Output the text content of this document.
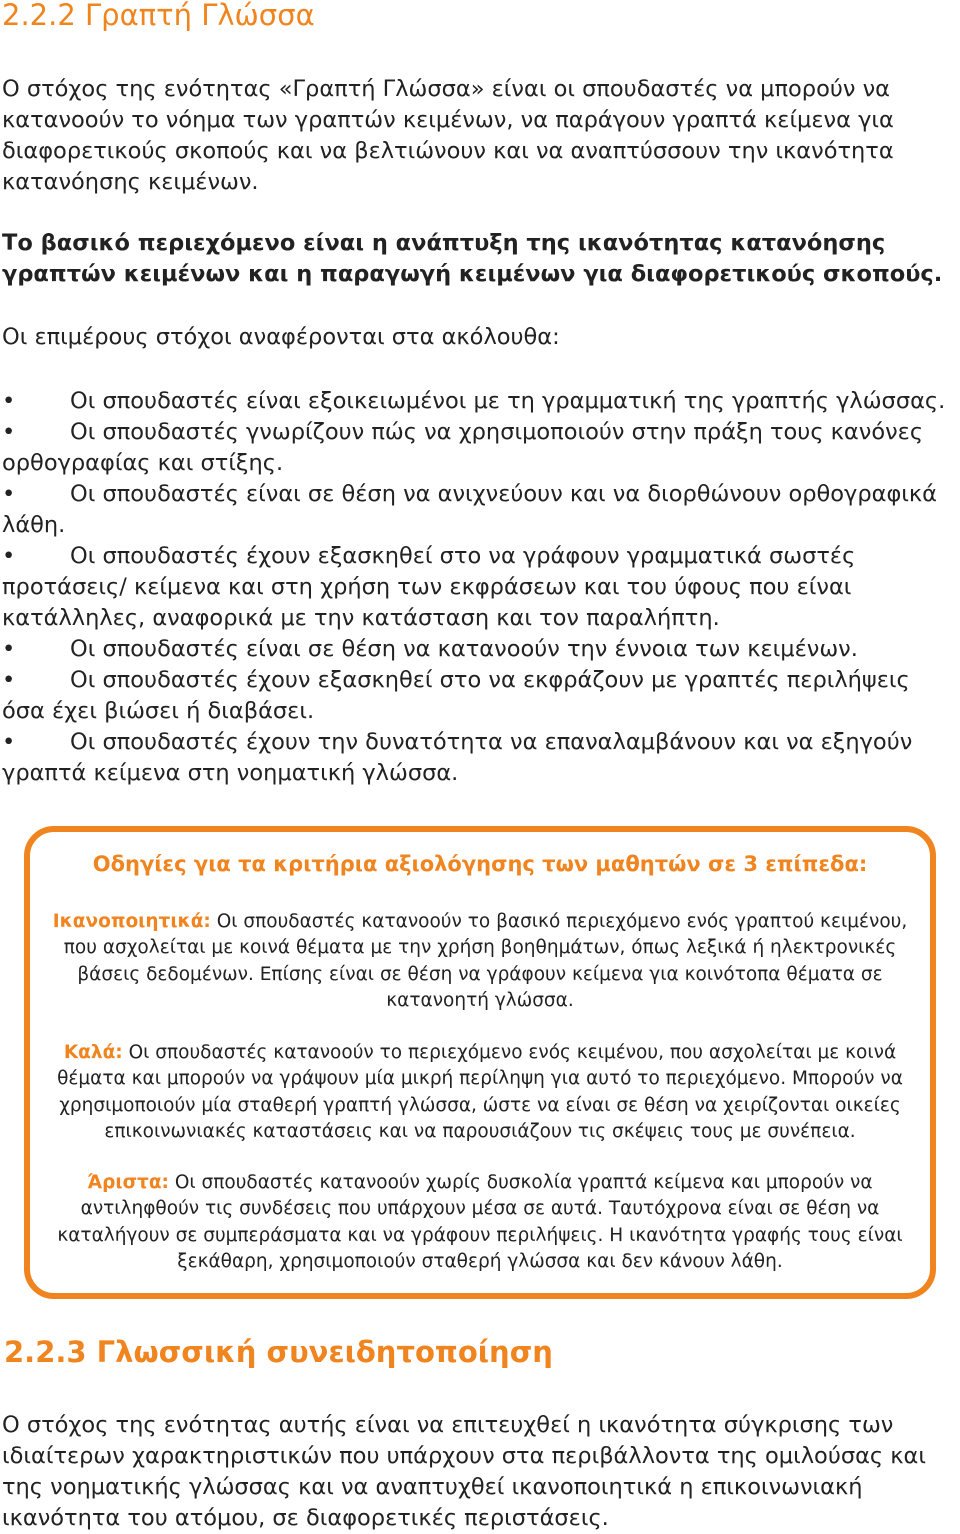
2.2.2 Γραπτή Γλώσσα

Ο στόχος της ενότητας «Γραπτή Γλώσσα» είναι οι σπουδαστές να μπορούν να κατανοούν το νόημα των γραπτών κειμένων, να παράγουν γραπτά κείμενα για διαφορετικούς σκοπούς και να βελτιώνουν και να αναπτύσσουν την ικανότητα κατανόησης κειμένων.

Το βασικό περιεχόμενο είναι η ανάπτυξη της ικανότητας κατανόησης γραπτών κειμένων και η παραγωγή κειμένων για διαφορετικούς σκοπούς.

Οι επιμέρους στόχοι αναφέρονται στα ακόλουθα:

• Οι σπουδαστές είναι εξοικειωμένοι με τη γραμματική της γραπτής γλώσσας.
• Οι σπουδαστές γνωρίζουν πώς να χρησιμοποιούν στην πράξη τους κανόνες ορθογραφίας και στίξης.
• Οι σπουδαστές είναι σε θέση να ανιχνεύουν και να διορθώνουν ορθογραφικά λάθη.
• Οι σπουδαστές έχουν εξασκηθεί στο να γράφουν γραμματικά σωστές προτάσεις/ κείμενα και στη χρήση των εκφράσεων και του ύφους που είναι κατάλληλες, αναφορικά με την κατάσταση και τον παραλήπτη.
• Οι σπουδαστές είναι σε θέση να κατανοούν την έννοια των κειμένων.
• Οι σπουδαστές έχουν εξασκηθεί στο να εκφράζουν με γραπτές περιλήψεις όσα έχει βιώσει ή διαβάσει.
• Οι σπουδαστές έχουν την δυνατότητα να επαναλαμβάνουν και να εξηγούν γραπτά κείμενα στη νοηματική γλώσσα.

Οδηγίες για τα κριτήρια αξιολόγησης των μαθητών σε 3 επίπεδα:

Ικανοποιητικά: Οι σπουδαστές κατανοούν το βασικό περιεχόμενο ενός γραπτού κειμένου, που ασχολείται με κοινά θέματα με την χρήση βοηθημάτων, όπως λεξικά ή ηλεκτρονικές βάσεις δεδομένων. Επίσης είναι σε θέση να γράφουν κείμενα για κοινότοπα θέματα σε κατανοητή γλώσσα.

Καλά: Οι σπουδαστές κατανοούν το περιεχόμενο ενός κειμένου, που ασχολείται με κοινά θέματα και μπορούν να γράψουν μία μικρή περίληψη για αυτό το περιεχόμενο. Μπορούν να χρησιμοποιούν μία σταθερή γραπτή γλώσσα, ώστε να είναι σε θέση να χειρίζονται οικείες επικοινωνιακές καταστάσεις και να παρουσιάζουν τις σκέψεις τους με συνέπεια.

Άριστα: Οι σπουδαστές κατανοούν χωρίς δυσκολία γραπτά κείμενα και μπορούν να αντιληφθούν τις συνδέσεις που υπάρχουν μέσα σε αυτά. Ταυτόχρονα είναι σε θέση να καταλήγουν σε συμπεράσματα και να γράφουν περιλήψεις. Η ικανότητα γραφής τους είναι ξεκάθαρη, χρησιμοποιούν σταθερή γλώσσα και δεν κάνουν λάθη.

2.2.3 Γλωσσική συνειδητοποίηση

Ο στόχος της ενότητας αυτής είναι να επιτευχθεί η ικανότητα σύγκρισης των ιδιαίτερων χαρακτηριστικών που υπάρχουν στα περιβάλλοντα της ομιλούσας και της νοηματικής γλώσσας και να αναπτυχθεί ικανοποιητικά η επικοινωνιακή ικανότητα του ατόμου, σε διαφορετικές περιστάσεις.
